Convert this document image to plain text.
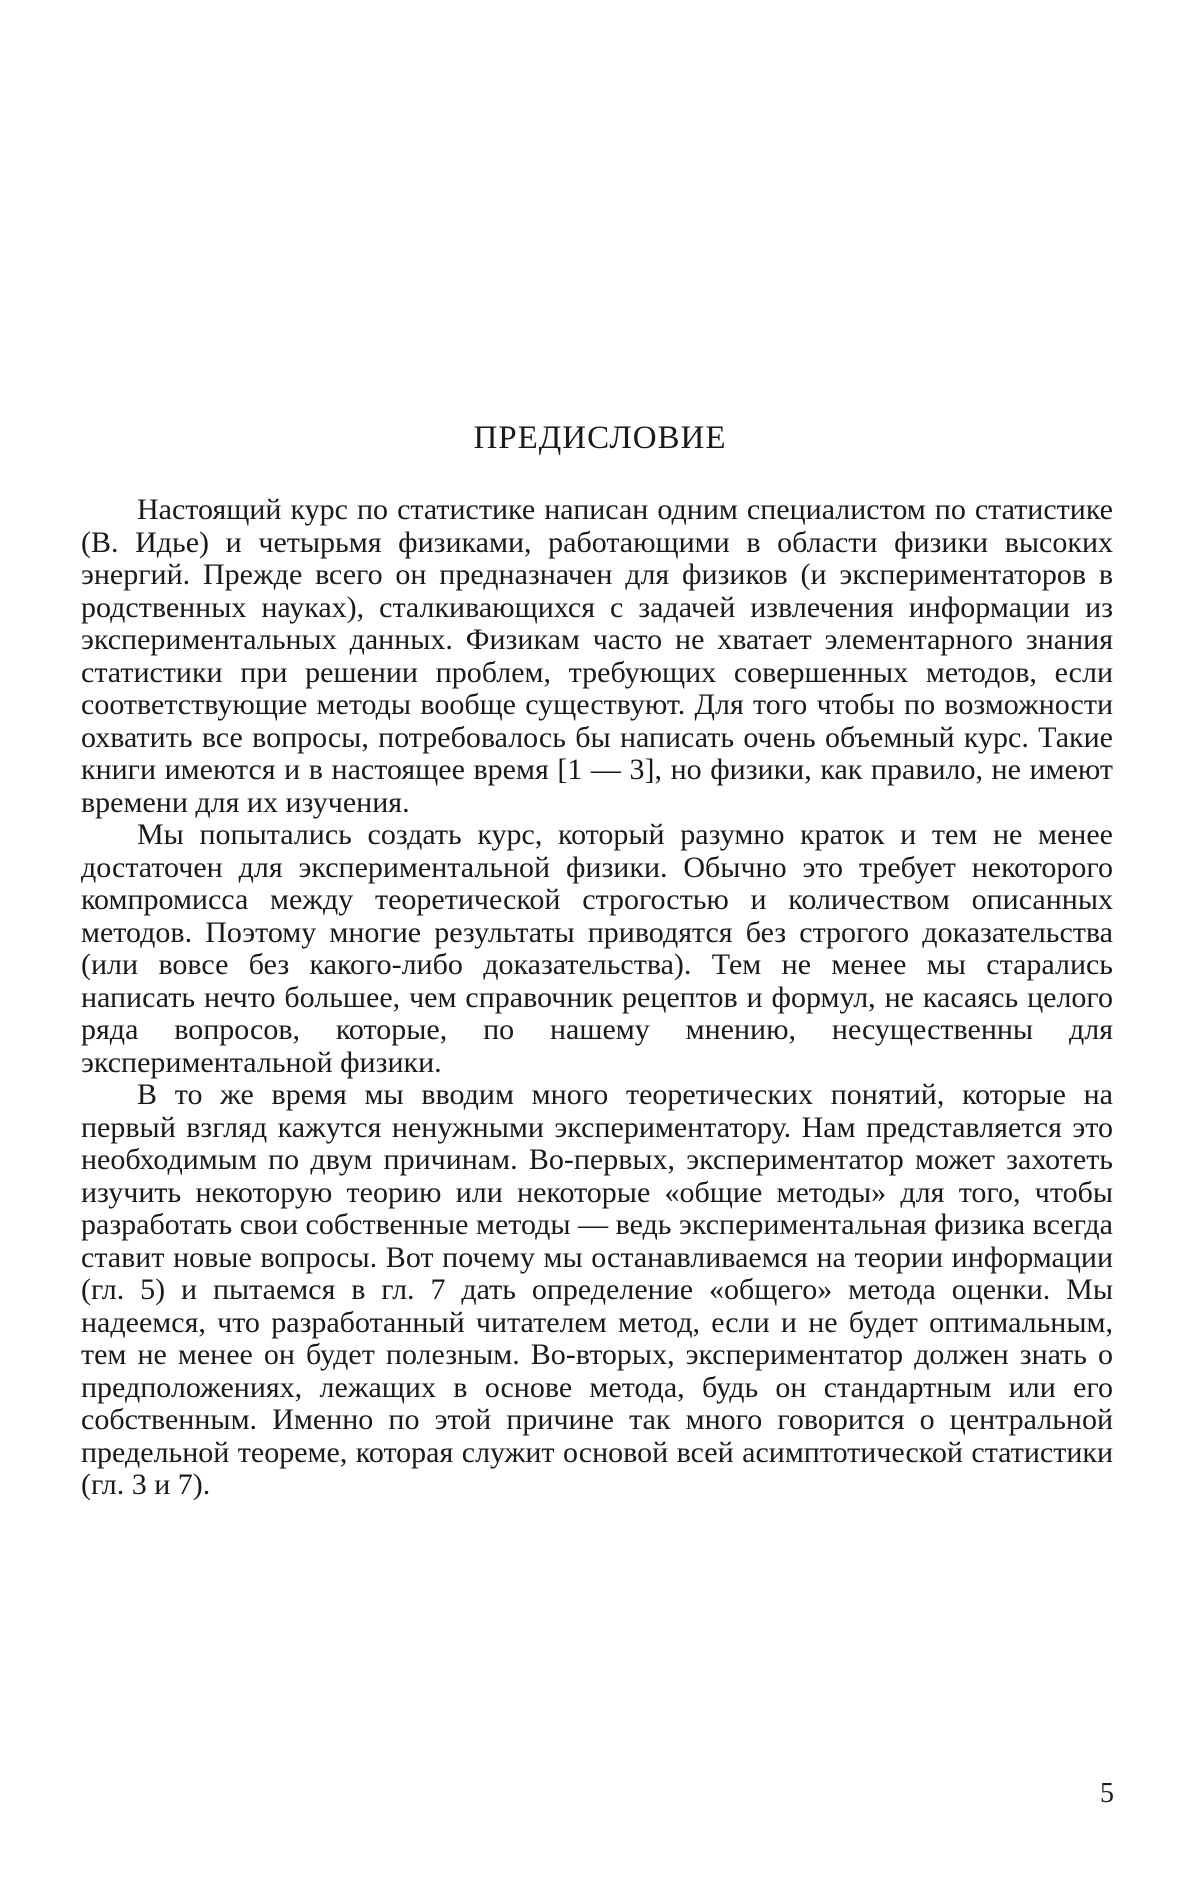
ПРЕДИСЛОВИЕ

Настоящий курс по статистике написан одним специалистом по статистике (В. Идье) и четырьмя физиками, работающими в области физики высоких энергий. Прежде всего он предназначен для физиков (и экспериментаторов в родственных науках), сталкивающихся с задачей извлечения информации из экспериментальных данных. Физикам часто не хватает элементарного знания статистики при решении проблем, требующих совершенных методов, если соответствующие методы вообще существуют. Для того чтобы по возможности охватить все вопросы, потребовалось бы написать очень объемный курс. Такие книги имеются и в настоящее время [1 — 3], но физики, как правило, не имеют времени для их изучения.

Мы попытались создать курс, который разумно краток и тем не менее достаточен для экспериментальной физики. Обычно это требует некоторого компромисса между теоретической строгостью и количеством описанных методов. Поэтому многие результаты приводятся без строгого доказательства (или вовсе без какого-либо доказательства). Тем не менее мы старались написать нечто большее, чем справочник рецептов и формул, не касаясь целого ряда вопросов, которые, по нашему мнению, несущественны для экспериментальной физики.

В то же время мы вводим много теоретических понятий, которые на первый взгляд кажутся ненужными экспериментатору. Нам представляется это необходимым по двум причинам. Во-первых, экспериментатор может захотеть изучить некоторую теорию или некоторые «общие методы» для того, чтобы разработать свои собственные методы — ведь экспериментальная физика всегда ставит новые вопросы. Вот почему мы останавливаемся на теории информации (гл. 5) и пытаемся в гл. 7 дать определение «общего» метода оценки. Мы надеемся, что разработанный читателем метод, если и не будет оптимальным, тем не менее он будет полезным. Во-вторых, экспериментатор должен знать о предположениях, лежащих в основе метода, будь он стандартным или его собственным. Именно по этой причине так много говорится о центральной предельной теореме, которая служит основой всей асимптотической статистики (гл. 3 и 7).

5
